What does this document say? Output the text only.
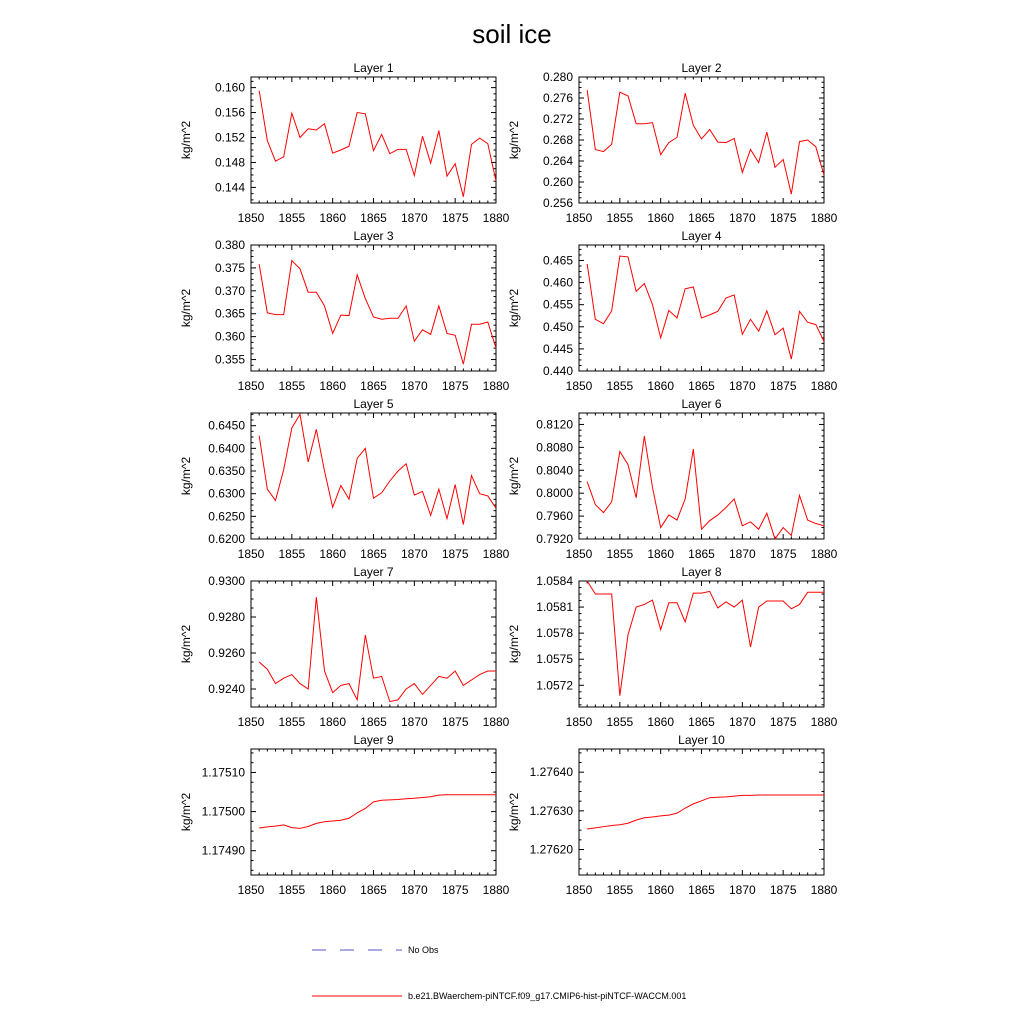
soil ice
Layer 1
kg/m^2
1850 1855 1860 1865 1870 1875 1880
0.144
0.148
0.152
0.156
0.160
Layer 2
kg/m^2
1850 1855 1860 1865 1870 1875 1880
0.256
0.260
0.264
0.268
0.272
0.276
0.280
Layer 3
kg/m^2
1850 1855 1860 1865 1870 1875 1880
0.355
0.360
0.365
0.370
0.375
0.380
Layer 4
kg/m^2
1850 1855 1860 1865 1870 1875 1880
0.440
0.445
0.450
0.455
0.460
0.465
Layer 5
kg/m^2
1850 1855 1860 1865 1870 1875 1880
0.6200
0.6250
0.6300
0.6350
0.6400
0.6450
Layer 6
kg/m^2
1850 1855 1860 1865 1870 1875 1880
0.7920
0.7960
0.8000
0.8040
0.8080
0.8120
Layer 7
kg/m^2
1850 1855 1860 1865 1870 1875 1880
0.9240
0.9260
0.9280
0.9300
Layer 8
kg/m^2
1850 1855 1860 1865 1870 1875 1880
1.0572
1.0575
1.0578
1.0581
1.0584
Layer 9
kg/m^2
1850 1855 1860 1865 1870 1875 1880
1.17490
1.17500
1.17510
Layer 10
kg/m^2
1850 1855 1860 1865 1870 1875 1880
1.27620
1.27630
1.27640
No Obs
b.e21.BWaerchem-piNTCF.f09_g17.CMIP6-hist-piNTCF-WACCM.001
